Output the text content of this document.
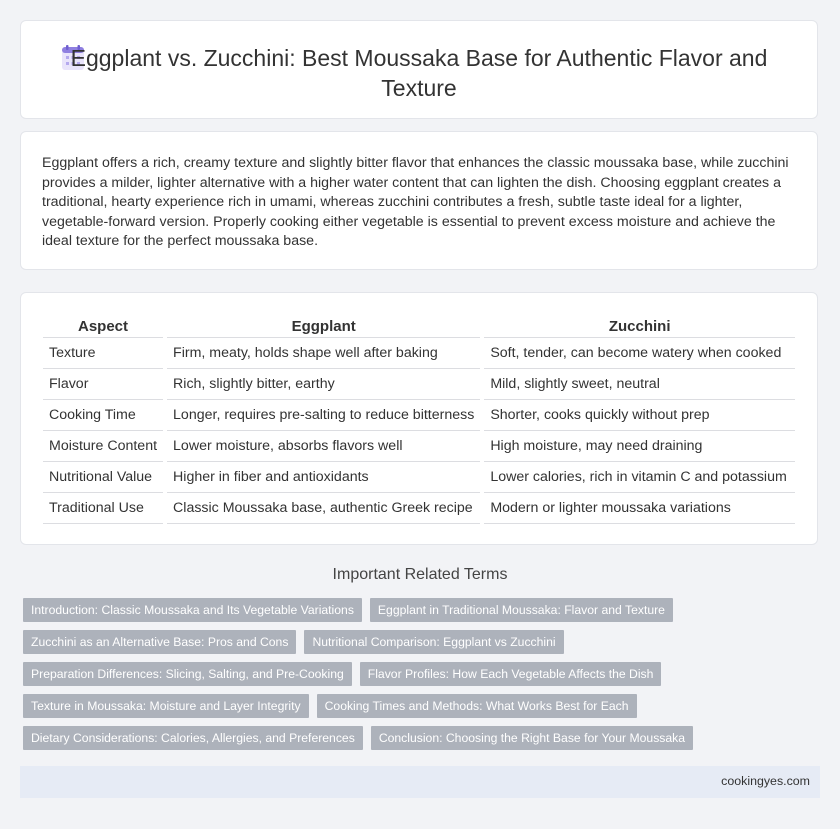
Eggplant vs. Zucchini: Best Moussaka Base for Authentic Flavor and Texture

Eggplant offers a rich, creamy texture and slightly bitter flavor that enhances the classic moussaka base, while zucchini provides a milder, lighter alternative with a higher water content that can lighten the dish. Choosing eggplant creates a traditional, hearty experience rich in umami, whereas zucchini contributes a fresh, subtle taste ideal for a lighter, vegetable-forward version. Properly cooking either vegetable is essential to prevent excess moisture and achieve the ideal texture for the perfect moussaka base.

Aspect	Eggplant	Zucchini
Texture	Firm, meaty, holds shape well after baking	Soft, tender, can become watery when cooked
Flavor	Rich, slightly bitter, earthy	Mild, slightly sweet, neutral
Cooking Time	Longer, requires pre-salting to reduce bitterness	Shorter, cooks quickly without prep
Moisture Content	Lower moisture, absorbs flavors well	High moisture, may need draining
Nutritional Value	Higher in fiber and antioxidants	Lower calories, rich in vitamin C and potassium
Traditional Use	Classic Moussaka base, authentic Greek recipe	Modern or lighter moussaka variations
Important Related Terms
Introduction: Classic Moussaka and Its Vegetable Variations	Eggplant in Traditional Moussaka: Flavor and Texture
Zucchini as an Alternative Base: Pros and Cons	Nutritional Comparison: Eggplant vs Zucchini
Preparation Differences: Slicing, Salting, and Pre-Cooking	Flavor Profiles: How Each Vegetable Affects the Dish
Texture in Moussaka: Moisture and Layer Integrity	Cooking Times and Methods: What Works Best for Each
Dietary Considerations: Calories, Allergies, and Preferences	Conclusion: Choosing the Right Base for Your Moussaka
cookingyes.com
